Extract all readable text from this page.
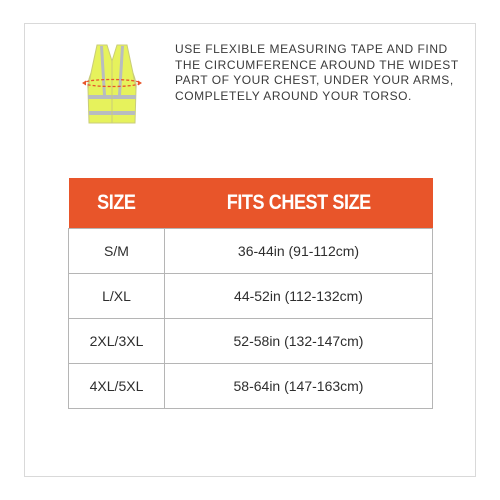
USE FLEXIBLE MEASURING TAPE AND FIND THE CIRCUMFERENCE AROUND THE WIDEST PART OF YOUR CHEST, UNDER YOUR ARMS, COMPLETELY AROUND YOUR TORSO.

SIZE	FITS CHEST SIZE
S/M	36-44in (91-112cm)
L/XL	44-52in (112-132cm)
2XL/3XL	52-58in (132-147cm)
4XL/5XL	58-64in (147-163cm)
